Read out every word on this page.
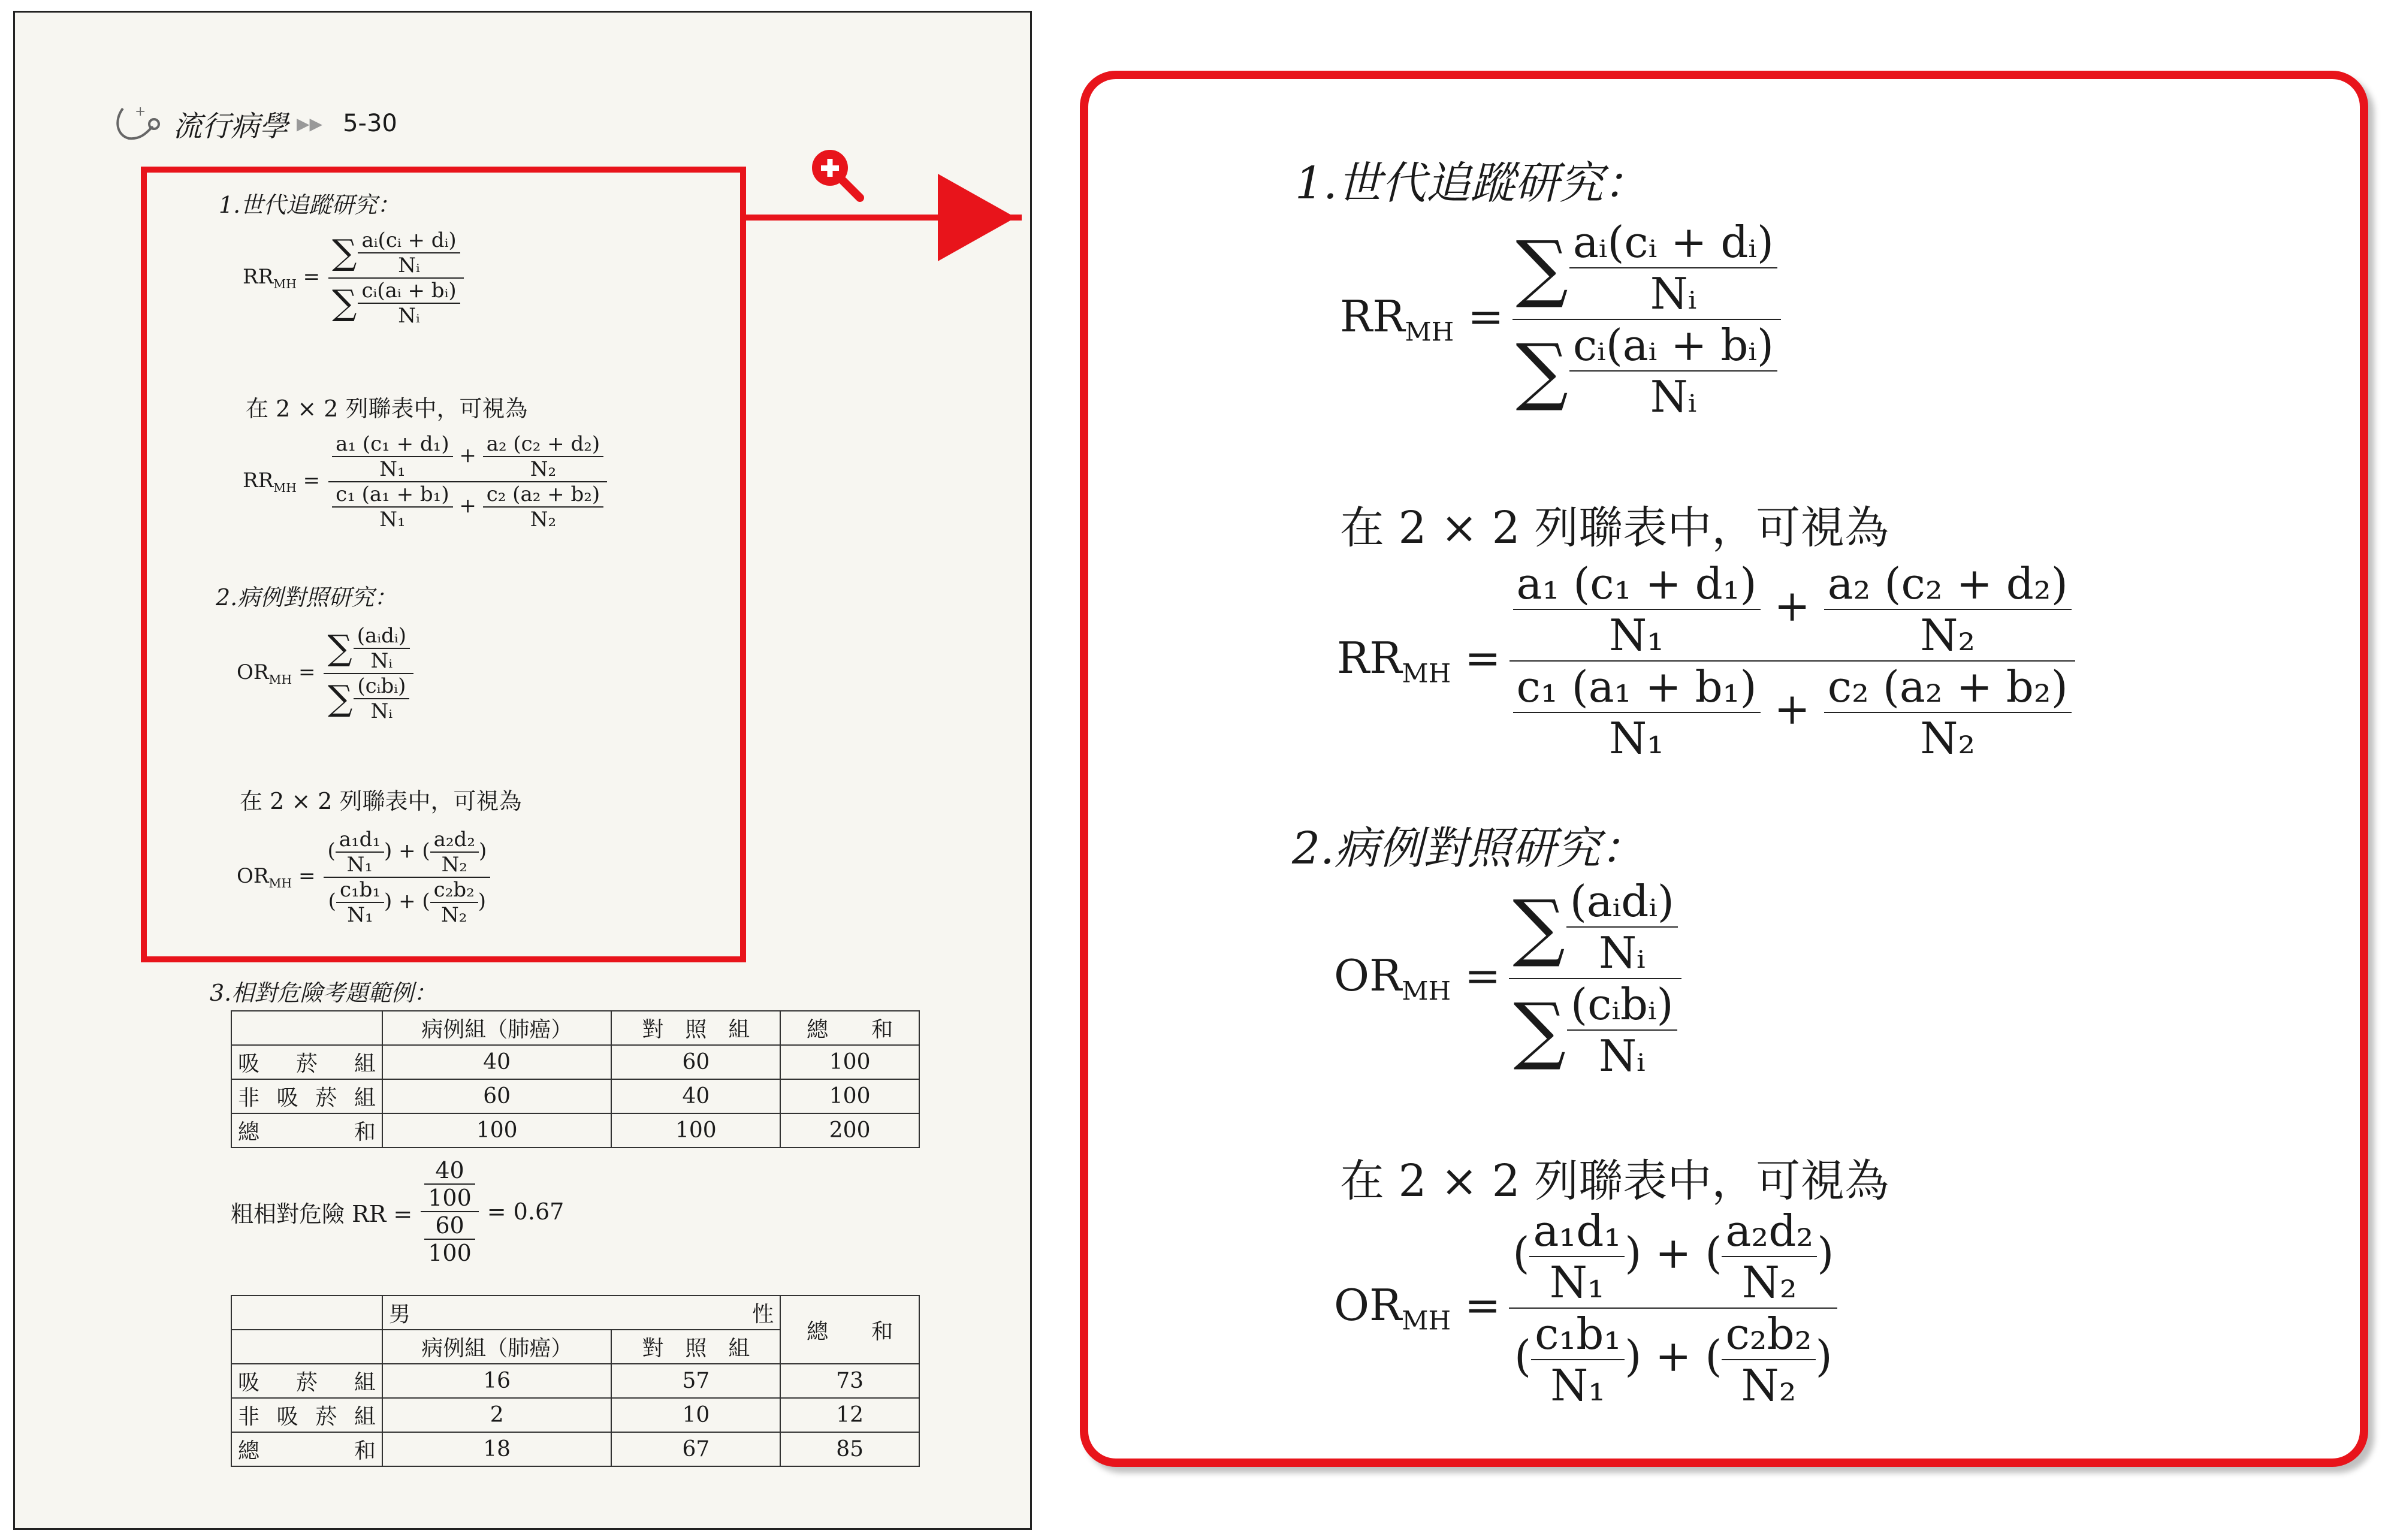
+ 流行病學 ▶▶ 5-30
1.世代追蹤研究：
$RR_{MH} = \frac{\sum \frac{\text{aᵢ(cᵢ + dᵢ)}}{\text{Nᵢ}}}{\sum \frac{\text{cᵢ(aᵢ + bᵢ)}}{\text{Nᵢ}}}$
在 2 × 2 列聯表中，可視為
$RR_{MH} = \frac{\frac{\text{a₁ (c₁ + d₁)}}{\text{N₁}} + \frac{\text{a₂ (c₂ + d₂)}}{\text{N₂}}}{\frac{\text{c₁ (a₁ + b₁)}}{\text{N₁}} + \frac{\text{c₂ (a₂ + b₂)}}{\text{N₂}}}$
2.病例對照研究：
$OR_{MH} = \frac{\sum \frac{\text{(aᵢdᵢ)}}{\text{Nᵢ}}}{\sum \frac{\text{(cᵢbᵢ)}}{\text{Nᵢ}}}$
在 2 × 2 列聯表中，可視為
$OR_{MH} = \frac{( \frac{\text{a₁d₁}}{\text{N₁}} ) + ( \frac{\text{a₂d₂}}{\text{N₂}} )}{( \frac{\text{c₁b₁}}{\text{N₁}} ) + ( \frac{\text{c₂b₂}}{\text{N₂}} )}$
3.相對危險考題範例：
	病例組（肺癌）	對　照　組	總　　和
吸　菸　組	40	60	100
非 吸 菸 組	60	40	100
總　　　和	100	100	200
粗相對危險 RR = $\frac{\frac{40}{100}}{\frac{60}{100}} = 0.67$
	男　　　性		總　　和
	病例組（肺癌）	對　照　組	
吸　菸　組	16	57	73
非 吸 菸 組	2	10	12
總　　　和	18	67	85
1.世代追蹤研究：
$RR_{MH} = \frac{\sum \frac{\text{aᵢ(cᵢ + dᵢ)}}{\text{Nᵢ}}}{\sum \frac{\text{cᵢ(aᵢ + bᵢ)}}{\text{Nᵢ}}}$
在 2 × 2 列聯表中，可視為
$RR_{MH} = \frac{\frac{\text{a₁ (c₁ + d₁)}}{\text{N₁}} + \frac{\text{a₂ (c₂ + d₂)}}{\text{N₂}}}{\frac{\text{c₁ (a₁ + b₁)}}{\text{N₁}} + \frac{\text{c₂ (a₂ + b₂)}}{\text{N₂}}}$
2.病例對照研究：
$OR_{MH} = \frac{\sum \frac{\text{(aᵢdᵢ)}}{\text{Nᵢ}}}{\sum \frac{\text{(cᵢbᵢ)}}{\text{Nᵢ}}}$
在 2 × 2 列聯表中，可視為
$OR_{MH} = \frac{( \frac{\text{a₁d₁}}{\text{N₁}} ) + ( \frac{\text{a₂d₂}}{\text{N₂}} )}{( \frac{\text{c₁b₁}}{\text{N₁}} ) + ( \frac{\text{c₂b₂}}{\text{N₂}} )}$
